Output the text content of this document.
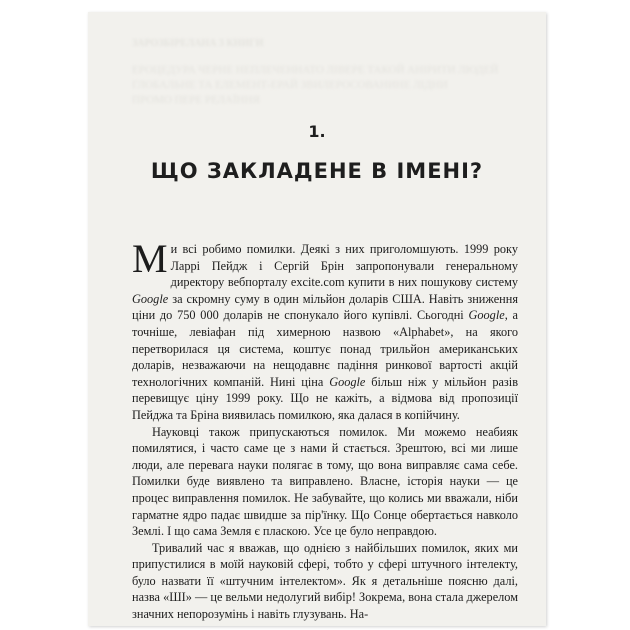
ЗАРОЗБІРЕЛАНА 3 КНИГИ
ЕРОЦЕДУРА ЧЕРНЕ НЕПЛЕЧЕННАТО ЛІВЕРЕ ТАКОЙ АНІРИТИ ЛЮДЕЙ
ГЛОБАЛЬНЕ ТА ЕЛЕМЕНТ-ЕРАЙ ЗВИЛЕРОСОВАНИНЕ ЛІДНИ
ПРОМО ПЕРЕ РЕЛАЇННЯ
1.
ЩО ЗАКЛАДЕНЕ В ІМЕНІ?

Ми всі робимо помилки. Деякі з них приголомшують. 1999 року Ларрі Пейдж і Сергій Брін запропонували генеральному директору вебпорталу excite.com купити в них пошукову систему Google за скромну суму в один мільйон доларів США. Навіть зниження ціни до 750 000 доларів не спонукало його купівлі. Сьогодні Google, а точніше, левіафан під химерною назвою «Alphabet», на якого перетворилася ця система, коштує понад трильйон американських доларів, незважаючи на нещодавнє падіння ринкової вартості акцій технологічних компаній. Нині ціна Google більш ніж у мільйон разів перевищує ціну 1999 року. Що не кажіть, а відмова від пропозиції Пейджа та Бріна виявилась помилкою, яка далася в копійчину.

Науковці також припускаються помилок. Ми можемо неабияк помилятися, і часто саме це з нами й стається. Зрештою, всі ми лише люди, але перевага науки полягає в тому, що вона виправляє сама себе. Помилки буде виявлено та виправлено. Власне, історія науки — це процес виправлення помилок. Не забувайте, що колись ми вважали, ніби гарматне ядро падає швидше за пір'їнку. Що Сонце обертається навколо Землі. І що сама Земля є пласкою. Усе це було неправдою.

Тривалий час я вважав, що однією з найбільших помилок, яких ми припустилися в моїй науковій сфері, тобто у сфері штучного інтелекту, було назвати її «штучним інтелектом». Як я детальніше поясню далі, назва «ШІ» — це вельми недолугий вибір! Зокрема, вона стала джерелом значних непорозумінь і навіть глузувань. На-
